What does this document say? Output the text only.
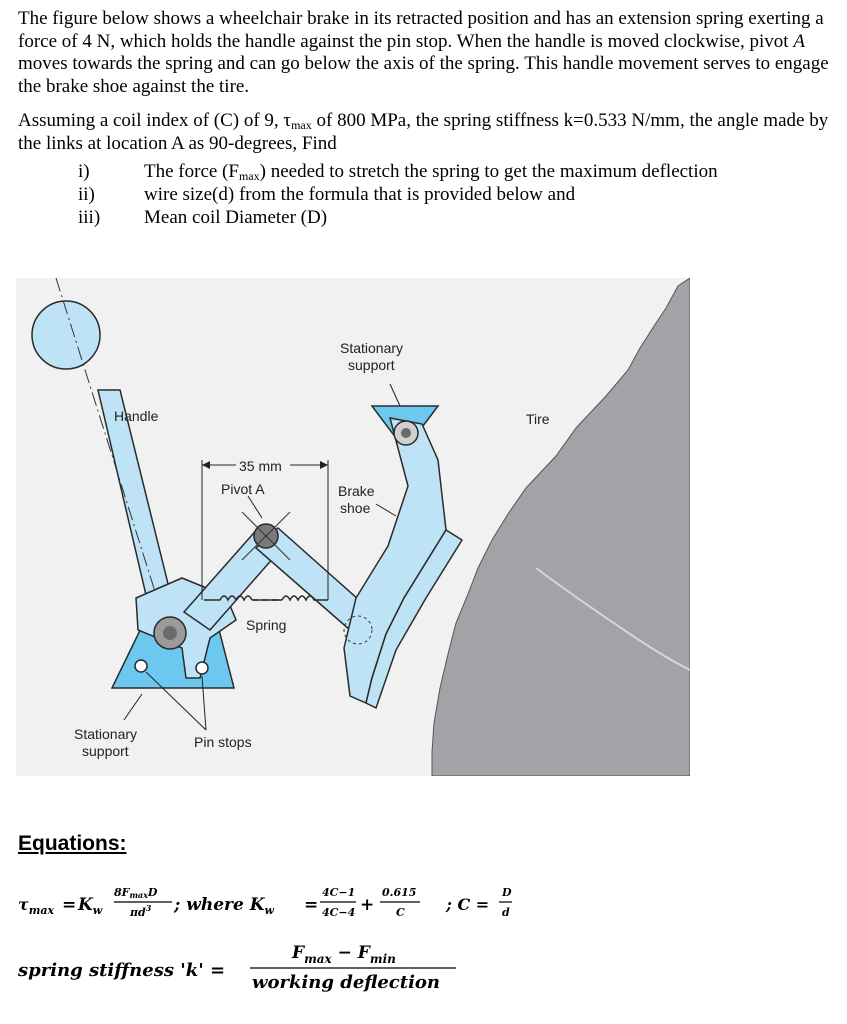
The figure below shows a wheelchair brake in its retracted position and has an extension spring exerting a force of 4 N, which holds the handle against the pin stop. When the handle is moved clockwise, pivot A moves towards the spring and can go below the axis of the spring. This handle movement serves to engage the brake shoe against the tire.
Assuming a coil index of (C) of 9, $\tau_{max}$ of 800 MPa, the spring stiffness k=0.533 N/mm, the angle made by the links at location A as 90-degrees, Find
i)	The force $(F_{max})$ needed to stretch the spring to get the maximum deflection
ii)	wire size(d) from the formula that is provided below and
iii)	Mean coil Diameter (D)
Handle
35 mm
Pivot A
Stationary
support
Brake
shoe
Tire
Spring
Stationary
support
Pin stops
Equations:
$\tau_{max} = K_w$
8FmaxD
$\pi d^3$ ; where $K_w$ =
4C−1
4C−4 +
0.615
C	; C =
D
d
spring stiffness 'k' =
$F_{max} - F_{min}$
working deflection
